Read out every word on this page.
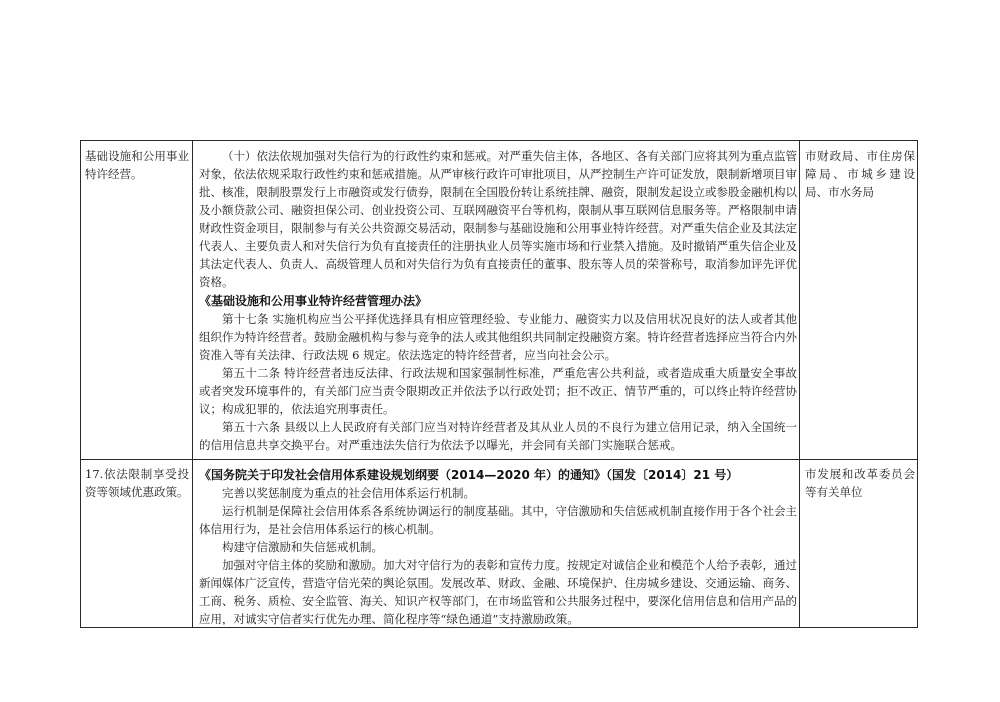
基础设施和公用事业特许经营。

（十）依法依规加强对失信行为的行政性约束和惩戒。对严重失信主体，各地区、各有关部门应将其列为重点监管对象，依法依规采取行政性约束和惩戒措施。从严审核行政许可审批项目，从严控制生产许可证发放，限制新增项目审批、核准，限制股票发行上市融资或发行债券，限制在全国股份转让系统挂牌、融资，限制发起设立或参股金融机构以及小额贷款公司、融资担保公司、创业投资公司、互联网融资平台等机构，限制从事互联网信息服务等。严格限制申请财政性资金项目，限制参与有关公共资源交易活动，限制参与基础设施和公用事业特许经营。对严重失信企业及其法定代表人、主要负责人和对失信行为负有直接责任的注册执业人员等实施市场和行业禁入措施。及时撤销严重失信企业及其法定代表人、负责人、高级管理人员和对失信行为负有直接责任的董事、股东等人员的荣誉称号，取消参加评先评优资格。

《基础设施和公用事业特许经营管理办法》

第十七条 实施机构应当公平择优选择具有相应管理经验、专业能力、融资实力以及信用状况良好的法人或者其他组织作为特许经营者。鼓励金融机构与参与竞争的法人或其他组织共同制定投融资方案。特许经营者选择应当符合内外资准入等有关法律、行政法规 6 规定。依法选定的特许经营者，应当向社会公示。

第五十二条 特许经营者违反法律、行政法规和国家强制性标准，严重危害公共利益，或者造成重大质量安全事故或者突发环境事件的，有关部门应当责令限期改正并依法予以行政处罚；拒不改正、情节严重的，可以终止特许经营协议；构成犯罪的，依法追究刑事责任。

第五十六条 县级以上人民政府有关部门应当对特许经营者及其从业人员的不良行为建立信用记录，纳入全国统一的信用信息共享交换平台。对严重违法失信行为依法予以曝光，并会同有关部门实施联合惩戒。

市财政局、市住房保障局、市城乡建设局、市水务局

17.依法限制享受投资等领域优惠政策。

《国务院关于印发社会信用体系建设规划纲要（2014—2020 年）的通知》（国发〔2014〕21 号）

完善以奖惩制度为重点的社会信用体系运行机制。

运行机制是保障社会信用体系各系统协调运行的制度基础。其中，守信激励和失信惩戒机制直接作用于各个社会主体信用行为，是社会信用体系运行的核心机制。

构建守信激励和失信惩戒机制。

加强对守信主体的奖励和激励。加大对守信行为的表彰和宣传力度。按规定对诚信企业和模范个人给予表彰，通过新闻媒体广泛宣传，营造守信光荣的舆论氛围。发展改革、财政、金融、环境保护、住房城乡建设、交通运输、商务、工商、税务、质检、安全监管、海关、知识产权等部门，在市场监管和公共服务过程中，要深化信用信息和信用产品的应用，对诚实守信者实行优先办理、简化程序等“绿色通道”支持激励政策。

市发展和改革委员会等有关单位
